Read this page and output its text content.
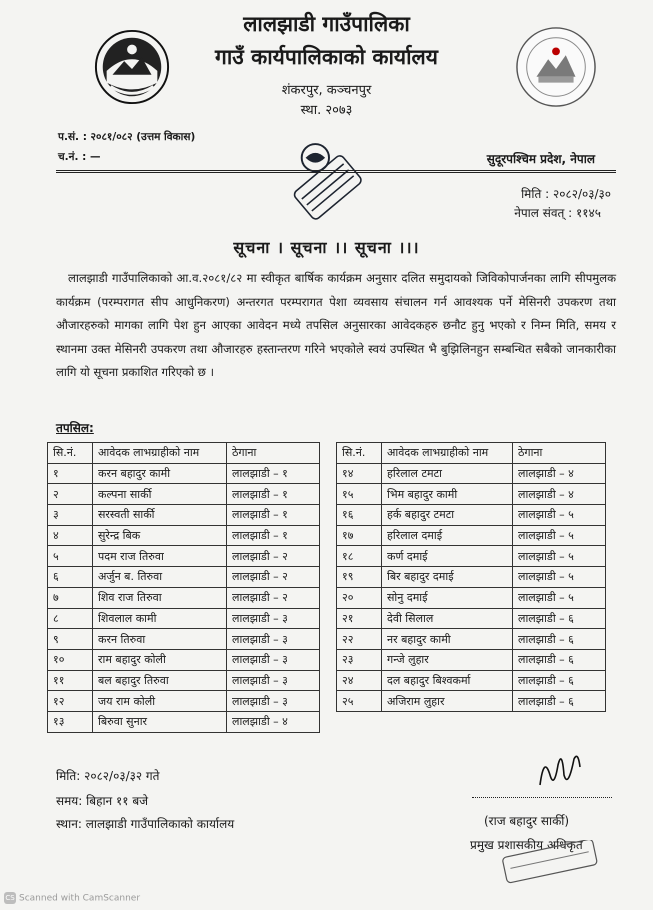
लालझाडी गाउँपालिका
गाउँ कार्यपालिकाको कार्यालय
शंकरपुर, कञ्चनपुर
स्था. २०७३
प.सं. : २०८१/०८२ (उत्तम विकास)
च.नं. : —	सुदूरपश्चिम प्रदेश, नेपाल
मिति : २०८२/०३/३०
नेपाल संवत् : ११४५
सूचना । सूचना ।। सूचना ।।।
लालझाडी गाउँपालिकाको आ.व.२०८१/८२ मा स्वीकृत बार्षिक कार्यक्रम अनुसार दलित समुदायको जिविकोपार्जनका लागि सीपमुलक कार्यक्रम (परम्परागत सीप आधुनिकरण) अन्तरगत परम्परागत पेशा व्यवसाय संचालन गर्न आवश्यक पर्ने मेसिनरी उपकरण तथा औजारहरुको मागका लागि पेश हुन आएका आवेदन मध्ये तपसिल अनुसारका आवेदकहरु छनौट हुनु भएको र निम्न मिति, समय र स्थानमा उक्त मेसिनरी उपकरण तथा औजारहरु हस्तान्तरण गरिने भएकोले स्वयं उपस्थित भै बुझिलिनहुन सम्बन्धित सबैको जानकारीका लागि यो सूचना प्रकाशित गरिएको छ ।
तपसिल:
सि.नं.	आवेदक लाभग्राहीको नाम	ठेगाना
१	करन बहादुर कामी	लालझाडी – १
२	कल्पना सार्की	लालझाडी – १
३	सरस्वती सार्की	लालझाडी – १
४	सुरेन्द्र बिक	लालझाडी – १
५	पदम राज तिरुवा	लालझाडी – २
६	अर्जुन ब. तिरुवा	लालझाडी – २
७	शिव राज तिरुवा	लालझाडी – २
८	शिवलाल कामी	लालझाडी – ३
९	करन तिरुवा	लालझाडी – ३
१०	राम बहादुर कोली	लालझाडी – ३
११	बल बहादुर तिरुवा	लालझाडी – ३
१२	जय राम कोली	लालझाडी – ३
१३	बिरुवा सुनार	लालझाडी – ४
सि.नं.	आवेदक लाभग्राहीको नाम	ठेगाना
१४	हरिलाल टमटा	लालझाडी – ४
१५	भिम बहादुर कामी	लालझाडी – ४
१६	हर्क बहादुर टमटा	लालझाडी – ५
१७	हरिलाल दमाई	लालझाडी – ५
१८	कर्ण दमाई	लालझाडी – ५
१९	बिर बहादुर दमाई	लालझाडी – ५
२०	सोनु दमाई	लालझाडी – ५
२१	देवी सिलाल	लालझाडी – ६
२२	नर बहादुर कामी	लालझाडी – ६
२३	गन्जे लुहार	लालझाडी – ६
२४	दल बहादुर बिश्वकर्मा	लालझाडी – ६
२५	अजिराम लुहार	लालझाडी – ६
मिति: २०८२/०३/३२ गते
समय: बिहान ११ बजे
स्थान: लालझाडी गाउँपालिकाको कार्यालय	(राज बहादुर सार्की)
प्रमुख प्रशासकीय अधिकृत
CS Scanned with CamScanner
